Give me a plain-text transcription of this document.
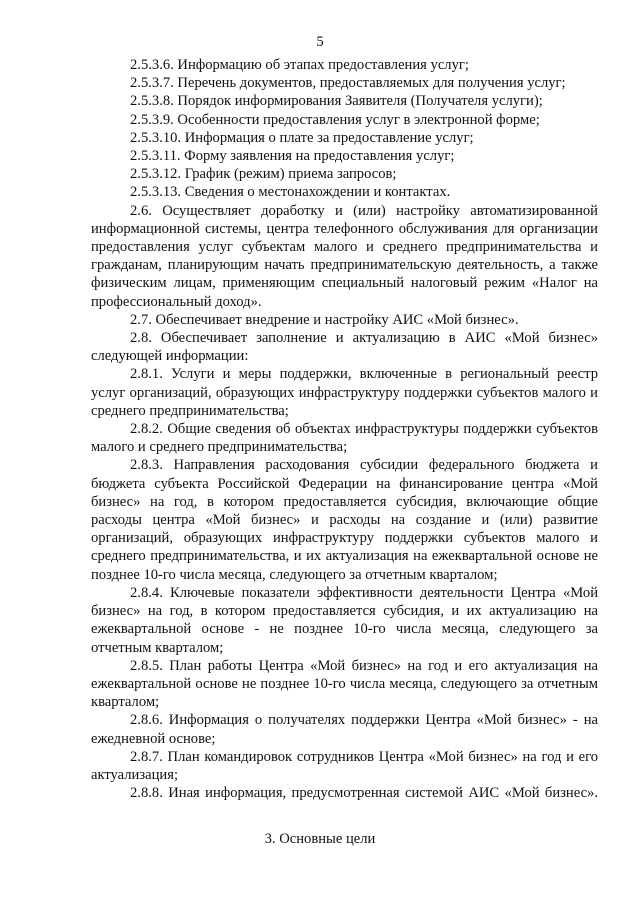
5

2.5.3.6. Информацию об этапах предоставления услуг;

2.5.3.7. Перечень документов, предоставляемых для получения услуг;

2.5.3.8. Порядок информирования Заявителя (Получателя услуги);

2.5.3.9. Особенности предоставления услуг в электронной форме;

2.5.3.10. Информация о плате за предоставление услуг;

2.5.3.11. Форму заявления на предоставления услуг;

2.5.3.12. График (режим) приема запросов;

2.5.3.13. Сведения о местонахождении и контактах.

2.6. Осуществляет доработку и (или) настройку автоматизированной информационной системы, центра телефонного обслуживания для организации предоставления услуг субъектам малого и среднего предпринимательства и гражданам, планирующим начать предпринимательскую деятельность, а также физическим лицам, применяющим специальный налоговый режим «Налог на профессиональный доход».

2.7. Обеспечивает внедрение и настройку АИС «Мой бизнес».

2.8. Обеспечивает заполнение и актуализацию в АИС «Мой бизнес» следующей информации:

2.8.1. Услуги и меры поддержки, включенные в региональный реестр услуг организаций, образующих инфраструктуру поддержки субъектов малого и среднего предпринимательства;

2.8.2. Общие сведения об объектах инфраструктуры поддержки субъектов малого и среднего предпринимательства;

2.8.3. Направления расходования субсидии федерального бюджета и бюджета субъекта Российской Федерации на финансирование центра «Мой бизнес» на год, в котором предоставляется субсидия, включающие общие расходы центра «Мой бизнес» и расходы на создание и (или) развитие организаций, образующих инфраструктуру поддержки субъектов малого и среднего предпринимательства, и их актуализация на ежеквартальной основе не позднее 10-го числа месяца, следующего за отчетным кварталом;

2.8.4. Ключевые показатели эффективности деятельности Центра «Мой бизнес» на год, в котором предоставляется субсидия, и их актуализацию на ежеквартальной основе - не позднее 10-го числа месяца, следующего за отчетным кварталом;

2.8.5. План работы Центра «Мой бизнес» на год и его актуализация на ежеквартальной основе не позднее 10-го числа месяца, следующего за отчетным кварталом;

2.8.6. Информация о получателях поддержки Центра «Мой бизнес» - на ежедневной основе;

2.8.7. План командировок сотрудников Центра «Мой бизнес» на год и его актуализация;

2.8.8. Иная информация, предусмотренная системой АИС «Мой бизнес».

3. Основные цели
